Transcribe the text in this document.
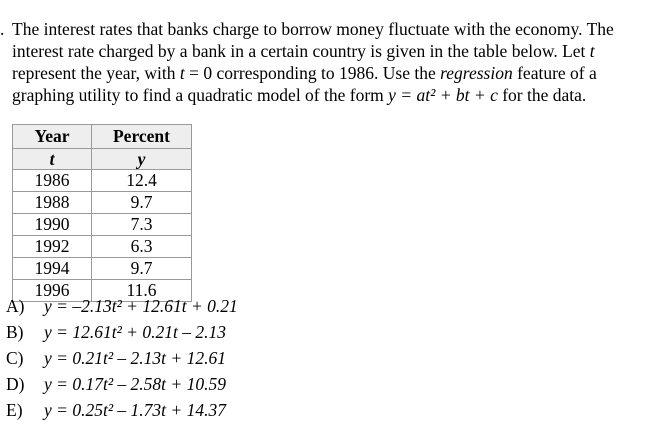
. The interest rates that banks charge to borrow money fluctuate with the economy. The
interest rate charged by a bank in a certain country is given in the table below. Let t
represent the year, with t = 0 corresponding to 1986. Use the regression feature of a
graphing utility to find a quadratic model of the form y = at² + bt + c for the data.
Year	Percent
t	y
1986	12.4
1988	9.7
1990	7.3
1992	6.3
1994	9.7
1996	11.6
A) y = –2.13t² + 12.61t + 0.21
B) y = 12.61t² + 0.21t – 2.13
C) y = 0.21t² – 2.13t + 12.61
D) y = 0.17t² – 2.58t + 10.59
E) y = 0.25t² – 1.73t + 14.37
